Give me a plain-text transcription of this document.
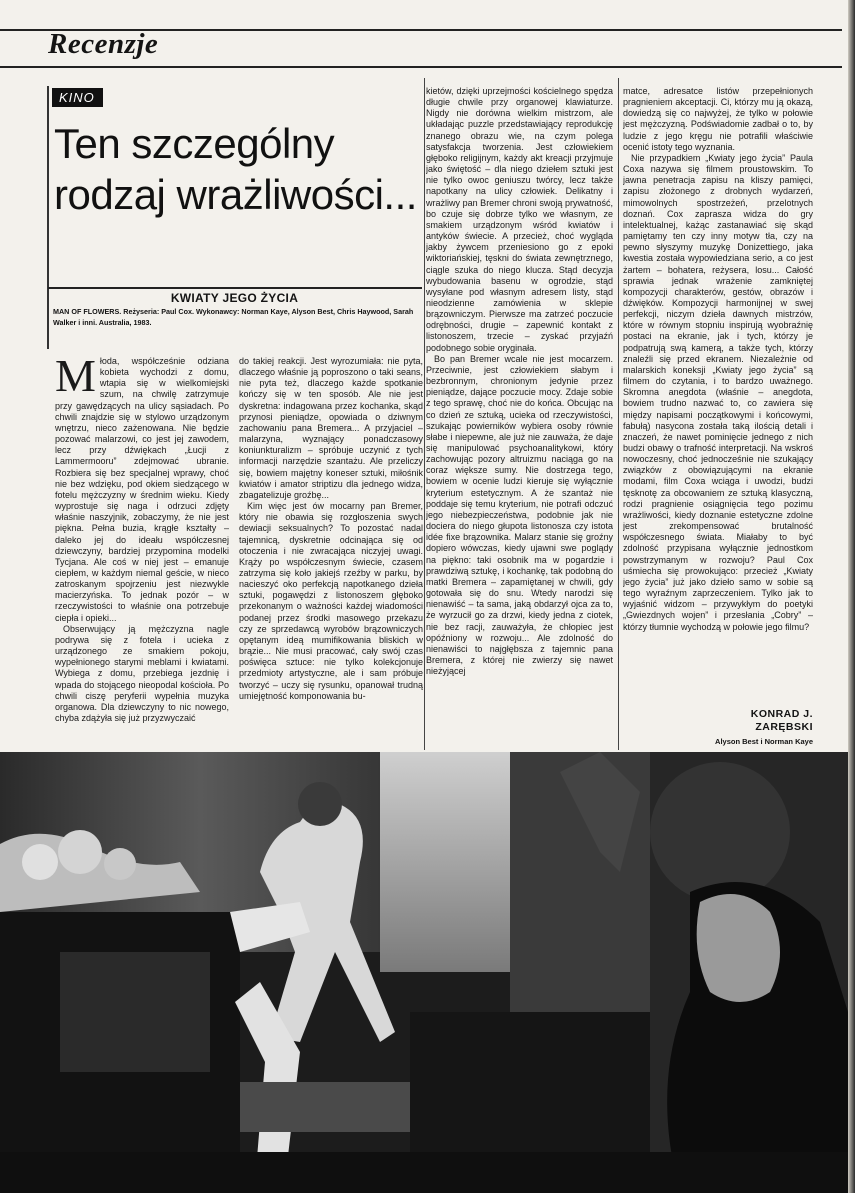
Recenzje
KINO
Ten szczególny rodzaj wrażliwości...
KWIATY JEGO ŻYCIA

MAN OF FLOWERS. Reżyseria: Paul Cox. Wykonawcy: Norman Kaye, Alyson Best, Chris Haywood, Sarah Walker i inni. Australia, 1983.

M łoda, współcześnie odziana kobieta wychodzi z domu, wtapia się w wielkomiejski szum, na chwilę zatrzymuje przy gawędzących na ulicy sąsiadach. Po chwili znajdzie się w stylowo urządzonym wnętrzu, nieco zażenowana. Nie będzie pozować malarzowi, co jest jej zawodem, lecz przy dźwiękach „Łucji z Lammermooru” zdejmować ubranie. Rozbiera się bez specjalnej wprawy, choć nie bez wdzięku, pod okiem siedzącego w fotelu mężczyzny w średnim wieku. Kiedy wyprostuje się naga i odrzuci zdjęty właśnie naszyjnik, zobaczymy, że nie jest piękna. Pełna buzia, krągłe kształty – daleko jej do ideału współczesnej dziewczyny, bardziej przypomina modelki Tycjana. Ale coś w niej jest – emanuje ciepłem, w każdym niemal geście, w nieco zatroskanym spojrzeniu jest niezwykle macierzyńska. To jednak pozór – w rzeczywistości to właśnie ona potrzebuje ciepła i opieki...
Obserwujący ją mężczyzna nagle podrywa się z fotela i ucieka z urządzonego ze smakiem pokoju, wypełnionego starymi meblami i kwiatami. Wybiega z domu, przebiega jezdnię i wpada do stojącego nieopodal kościoła. Po chwili ciszę peryferii wypełnia muzyka organowa. Dla dziewczyny to nic nowego, chyba zdążyła się już przyzwyczaić
do takiej reakcji. Jest wyrozumiała: nie pyta, dlaczego właśnie ją poproszono o taki seans, nie pyta też, dlaczego każde spotkanie kończy się w ten sposób. Ale nie jest dyskretna: indagowana przez kochanka, skąd przynosi pieniądze, opowiada o dziwnym zachowaniu pana Bremera... A przyjaciel – malarzyna, wyznający ponadczasowy koniunkturalizm – spróbuje uczynić z tych informacji narzędzie szantażu. Ale przeliczy się, bowiem majętny koneser sztuki, miłośnik kwiatów i amator striptizu dla jednego widza, zbagatelizuje groźbę...
Kim więc jest ów mocarny pan Bremer, który nie obawia się rozgłoszenia swych dewiacji seksualnych? To pozostać nadal tajemnicą, dyskretnie odcinająca się od otoczenia i nie zwracająca niczyjej uwagi. Krąży po współczesnym świecie, czasem zatrzyma się koło jakiejś rzeźby w parku, by nacieszyć oko perfekcją napotkanego dzieła sztuki, pogawędzi z listonoszem głęboko przekonanym o ważności każdej wiadomości podanej przez środki masowego przekazu czy ze sprzedawcą wyrobów brązowniczych opętanym ideą mumifikowania bliskich w brązie... Nie musi pracować, cały swój czas poświęca sztuce: nie tylko kolekcjonuje przedmioty artystyczne, ale i sam próbuje tworzyć – uczy się rysunku, opanował trudną umiejętność komponowania bu-
kietów, dzięki uprzejmości kościelnego spędza długie chwile przy organowej klawiaturze. Nigdy nie dorówna wielkim mistrzom, ale układając puzzle przedstawiający reprodukcję znanego obrazu wie, na czym polega satysfakcja tworzenia. Jest człowiekiem głęboko religijnym, każdy akt kreacji przyjmuje jako świętość – dla niego dziełem sztuki jest nie tylko owoc geniuszu twórcy, lecz także napotkany na ulicy człowiek. Delikatny i wrażliwy pan Bremer chroni swoją prywatność, bo czuje się dobrze tylko we własnym, ze smakiem urządzonym wśród kwiatów i antyków świecie. A przecież, choć wygląda jakby żywcem przeniesiono go z epoki wiktoriańskiej, tęskni do świata zewnętrznego, ciągle szuka do niego klucza. Stąd decyzja wybudowania basenu w ogrodzie, stąd wysyłane pod własnym adresem listy, stąd nieodzienne zamówienia w sklepie brązowniczym. Pierwsze ma zatrzeć poczucie odrębności, drugie – zapewnić kontakt z listonoszem, trzecie – zyskać przyjaźń podobnego sobie oryginała.
Bo pan Bremer wcale nie jest mocarzem. Przeciwnie, jest człowiekiem słabym i bezbronnym, chronionym jedynie przez pieniądze, dające poczucie mocy. Zdaje sobie z tego sprawę, choć nie do końca. Obcując na co dzień ze sztuką, ucieka od rzeczywistości, szukając powierników wybiera osoby równie słabe i niepewne, ale już nie zauważa, że daje się manipulować psychoanalitykowi, który zachowując pozory altruizmu naciąga go na coraz większe sumy. Nie dostrzega tego, bowiem w ocenie ludzi kieruje się wyłącznie kryterium estetycznym. A że szantaż nie poddaje się temu kryterium, nie potrafi odczuć jego niebezpieczeństwa, podobnie jak nie dociera do niego głupota listonosza czy istota idée fixe brązownika. Malarz stanie się groźny dopiero wówczas, kiedy ujawni swe poglądy na piękno: taki osobnik ma w pogardzie i prawdziwą sztukę, i kochankę, tak podobną do matki Bremera – zapamiętanej w chwili, gdy gotowała się do snu. Wtedy narodzi się nienawiść – ta sama, jaką obdarzył ojca za to, że wyrzucił go za drzwi, kiedy jedna z ciotek, nie bez racji, zauważyła, że chłopiec jest opóźniony w rozwoju... Ale zdolność do nienawiści to najgłębsza z tajemnic pana Bremera, z której nie zwierzy się nawet nieżyjącej
matce, adresatce listów przepełnionych pragnieniem akceptacji. Ci, którzy mu ją okazą, dowiedzą się co najwyżej, że tylko w połowie jest mężczyzną. Podświadomie zadbał o to, by ludzie z jego kręgu nie potrafili właściwie ocenić istoty tego wyznania.
Nie przypadkiem „Kwiaty jego życia” Paula Coxa nazywa się filmem proustowskim. To jawna penetracja zapisu na kliszy pamięci, zapisu złożonego z drobnych wydarzeń, mimowolnych spostrzeżeń, przelotnych doznań. Cox zaprasza widza do gry intelektualnej, każąc zastanawiać się skąd pamiętamy ten czy inny motyw tła, czy na pewno słyszymy muzykę Donizettiego, jaka kwestia została wypowiedziana serio, a co jest żartem – bohatera, reżysera, losu... Całość sprawia jednak wrażenie zamkniętej kompozycji charakterów, gestów, obrazów i dźwięków. Kompozycji harmonijnej w swej perfekcji, niczym dzieła dawnych mistrzów, które w równym stopniu inspirują wyobraźnię postaci na ekranie, jak i tych, którzy je podpatrują swą kamerą, a także tych, którzy znaleźli się przed ekranem. Niezależnie od malarskich koneksji „Kwiaty jego życia” są filmem do czytania, i to bardzo uważnego. Skromna anegdota (właśnie – anegdota, bowiem trudno nazwać to, co zawiera się między napisami początkowymi i końcowymi, fabułą) nasycona została taką ilością detali i znaczeń, że nawet pominięcie jednego z nich budzi obawy o trafność interpretacji. Na wskroś nowoczesny, choć jednocześnie nie szukający związków z obowiązującymi na ekranie modami, film Coxa wciąga i uwodzi, budzi tęsknotę za obcowaniem ze sztuką klasyczną, rodzi pragnienie osiągnięcia tego pozimu wrażliwości, kiedy doznanie estetyczne zdolne jest zrekompensować brutalność współczesnego świata. Miałaby to być zdolność przypisana wyłącznie jednostkom powstrzymanym w rozwoju? Paul Cox uśmiecha się prowokująco: przecież „Kwiaty jego życia” już jako dzieło samo w sobie są tego wyraźnym zaprzeczeniem. Tylko jak to wyjaśnić widzom – przywykłym do poetyki „Gwiezdnych wojen” i przesłania „Cobry” – którzy tłumnie wychodzą w połowie jego filmu?
KONRAD J.
ZARĘBSKI
Alyson Best i Norman Kaye
